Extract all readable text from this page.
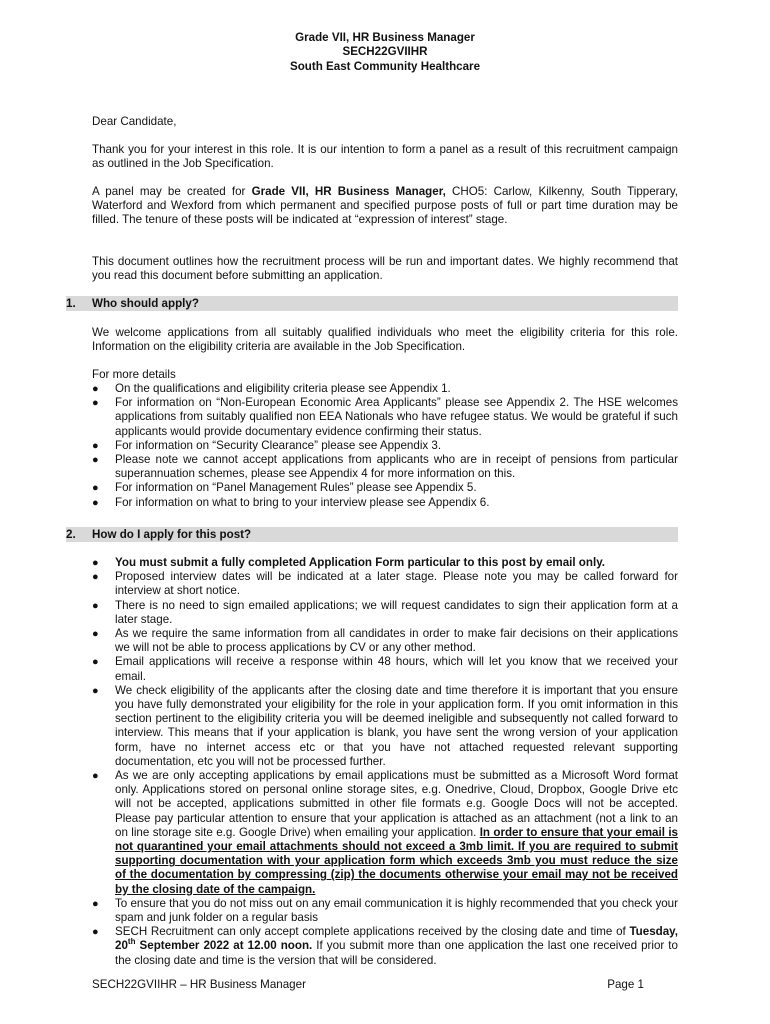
Grade VII, HR Business Manager
SECH22GVIIHR
South East Community Healthcare
Dear Candidate,
Thank you for your interest in this role. It is our intention to form a panel as a result of this recruitment campaign as outlined in the Job Specification.
A panel may be created for Grade VII, HR Business Manager, CHO5: Carlow, Kilkenny, South Tipperary, Waterford and Wexford from which permanent and specified purpose posts of full or part time duration may be filled. The tenure of these posts will be indicated at “expression of interest” stage.
This document outlines how the recruitment process will be run and important dates. We highly recommend that you read this document before submitting an application.
1. Who should apply?
We welcome applications from all suitably qualified individuals who meet the eligibility criteria for this role. Information on the eligibility criteria are available in the Job Specification.
For more details
● On the qualifications and eligibility criteria please see Appendix 1.
● For information on “Non-European Economic Area Applicants” please see Appendix 2. The HSE welcomes applications from suitably qualified non EEA Nationals who have refugee status. We would be grateful if such applicants would provide documentary evidence confirming their status.
● For information on “Security Clearance” please see Appendix 3.
● Please note we cannot accept applications from applicants who are in receipt of pensions from particular superannuation schemes, please see Appendix 4 for more information on this.
● For information on “Panel Management Rules” please see Appendix 5.
● For information on what to bring to your interview please see Appendix 6.
2. How do I apply for this post?
● You must submit a fully completed Application Form particular to this post by email only.
● Proposed interview dates will be indicated at a later stage. Please note you may be called forward for interview at short notice.
● There is no need to sign emailed applications; we will request candidates to sign their application form at a later stage.
● As we require the same information from all candidates in order to make fair decisions on their applications we will not be able to process applications by CV or any other method.
● Email applications will receive a response within 48 hours, which will let you know that we received your email.
● We check eligibility of the applicants after the closing date and time therefore it is important that you ensure you have fully demonstrated your eligibility for the role in your application form. If you omit information in this section pertinent to the eligibility criteria you will be deemed ineligible and subsequently not called forward to interview. This means that if your application is blank, you have sent the wrong version of your application form, have no internet access etc or that you have not attached requested relevant supporting documentation, etc you will not be processed further.
● As we are only accepting applications by email applications must be submitted as a Microsoft Word format only. Applications stored on personal online storage sites, e.g. Onedrive, Cloud, Dropbox, Google Drive etc will not be accepted, applications submitted in other file formats e.g. Google Docs will not be accepted. Please pay particular attention to ensure that your application is attached as an attachment (not a link to an on line storage site e.g. Google Drive) when emailing your application. In order to ensure that your email is not quarantined your email attachments should not exceed a 3mb limit. If you are required to submit supporting documentation with your application form which exceeds 3mb you must reduce the size of the documentation by compressing (zip) the documents otherwise your email may not be received by the closing date of the campaign.
● To ensure that you do not miss out on any email communication it is highly recommended that you check your spam and junk folder on a regular basis
● SECH Recruitment can only accept complete applications received by the closing date and time of Tuesday, 20th September 2022 at 12.00 noon. If you submit more than one application the last one received prior to the closing date and time is the version that will be considered.
SECH22GVIIHR – HR Business Manager	Page 1
